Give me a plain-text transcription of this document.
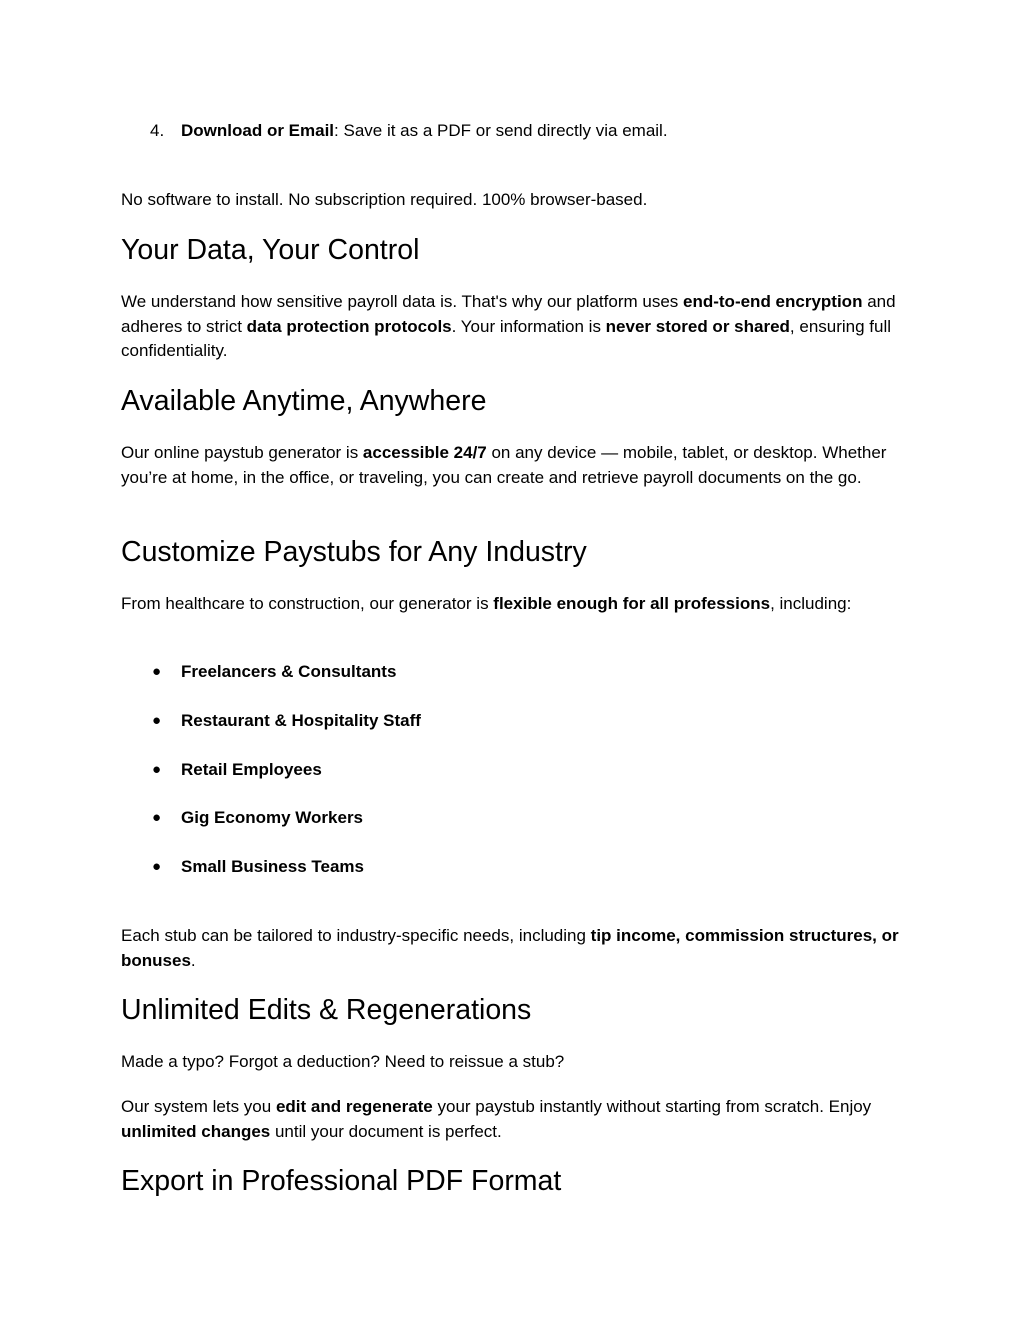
4. Download or Email: Save it as a PDF or send directly via email.

No software to install. No subscription required. 100% browser-based.

Your Data, Your Control

We understand how sensitive payroll data is. That's why our platform uses end-to-end encryption and adheres to strict data protection protocols. Your information is never stored or shared, ensuring full confidentiality.

Available Anytime, Anywhere

Our online paystub generator is accessible 24/7 on any device — mobile, tablet, or desktop. Whether you’re at home, in the office, or traveling, you can create and retrieve payroll documents on the go.

Customize Paystubs for Any Industry

From healthcare to construction, our generator is flexible enough for all professions, including:

● Freelancers & Consultants
● Restaurant & Hospitality Staff
● Retail Employees
● Gig Economy Workers
● Small Business Teams

Each stub can be tailored to industry-specific needs, including tip income, commission structures, or bonuses.

Unlimited Edits & Regenerations

Made a typo? Forgot a deduction? Need to reissue a stub?

Our system lets you edit and regenerate your paystub instantly without starting from scratch. Enjoy unlimited changes until your document is perfect.

Export in Professional PDF Format
